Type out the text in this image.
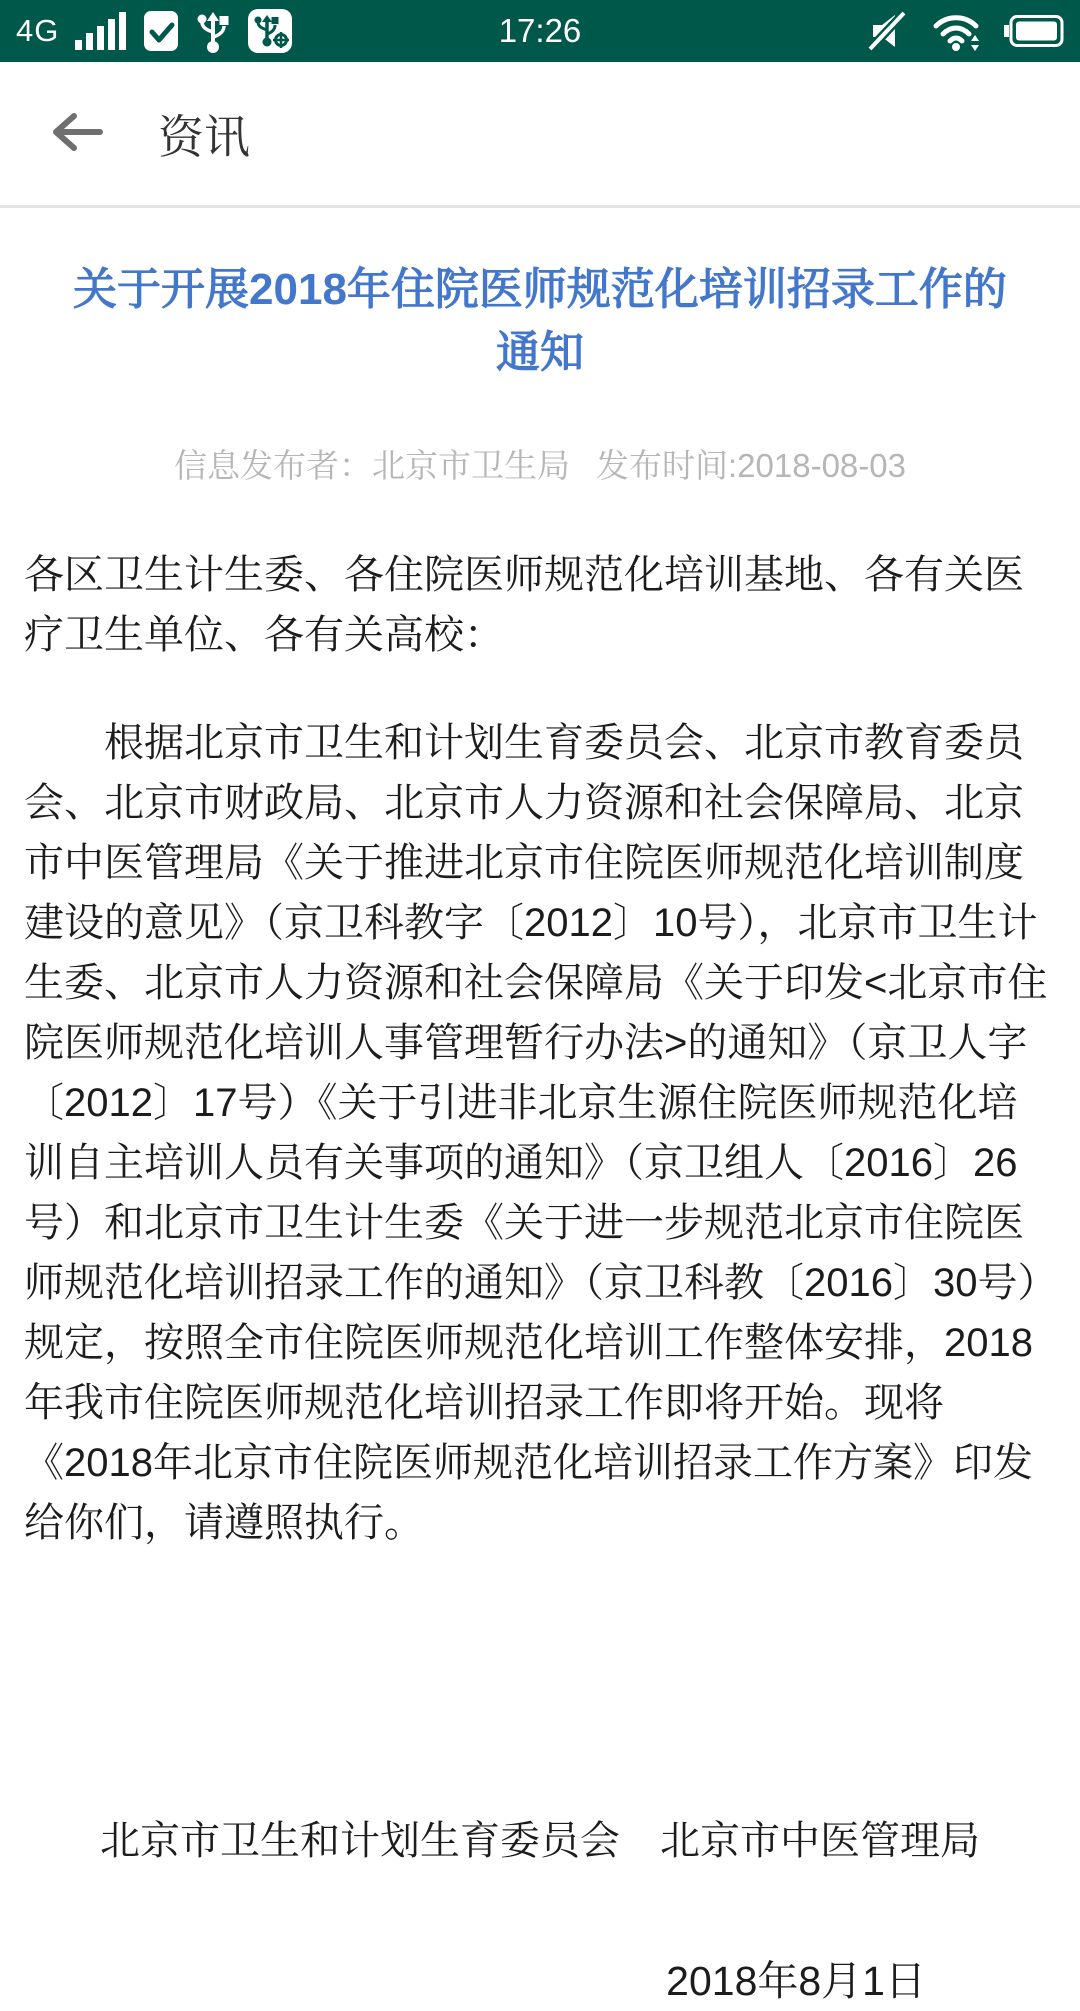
4G	17:26
资讯
关于开展2018年住院医师规范化培训招录工作的
通知
信息发布者：北京市卫生局 发布时间:2018-08-03

各区卫生计生委、各住院医师规范化培训基地、各有关医疗卫生单位、各有关高校：

根据北京市卫生和计划生育委员会、北京市教育委员会、北京市财政局、北京市人力资源和社会保障局、北京市中医管理局《关于推进北京市住院医师规范化培训制度建设的意见》（京卫科教字〔2012〕10号），北京市卫生计生委、北京市人力资源和社会保障局《关于印发<北京市住院医师规范化培训人事管理暂行办法>的通知》（京卫人字〔2012〕17号）《关于引进非北京生源住院医师规范化培训自主培训人员有关事项的通知》（京卫组人〔2016〕26号）和北京市卫生计生委《关于进一步规范北京市住院医师规范化培训招录工作的通知》（京卫科教〔2016〕30号）规定，按照全市住院医师规范化培训工作整体安排，2018年我市住院医师规范化培训招录工作即将开始。现将《2018年北京市住院医师规范化培训招录工作方案》印发给你们，请遵照执行。

北京市卫生和计划生育委员会　北京市中医管理局

2018年8月1日
